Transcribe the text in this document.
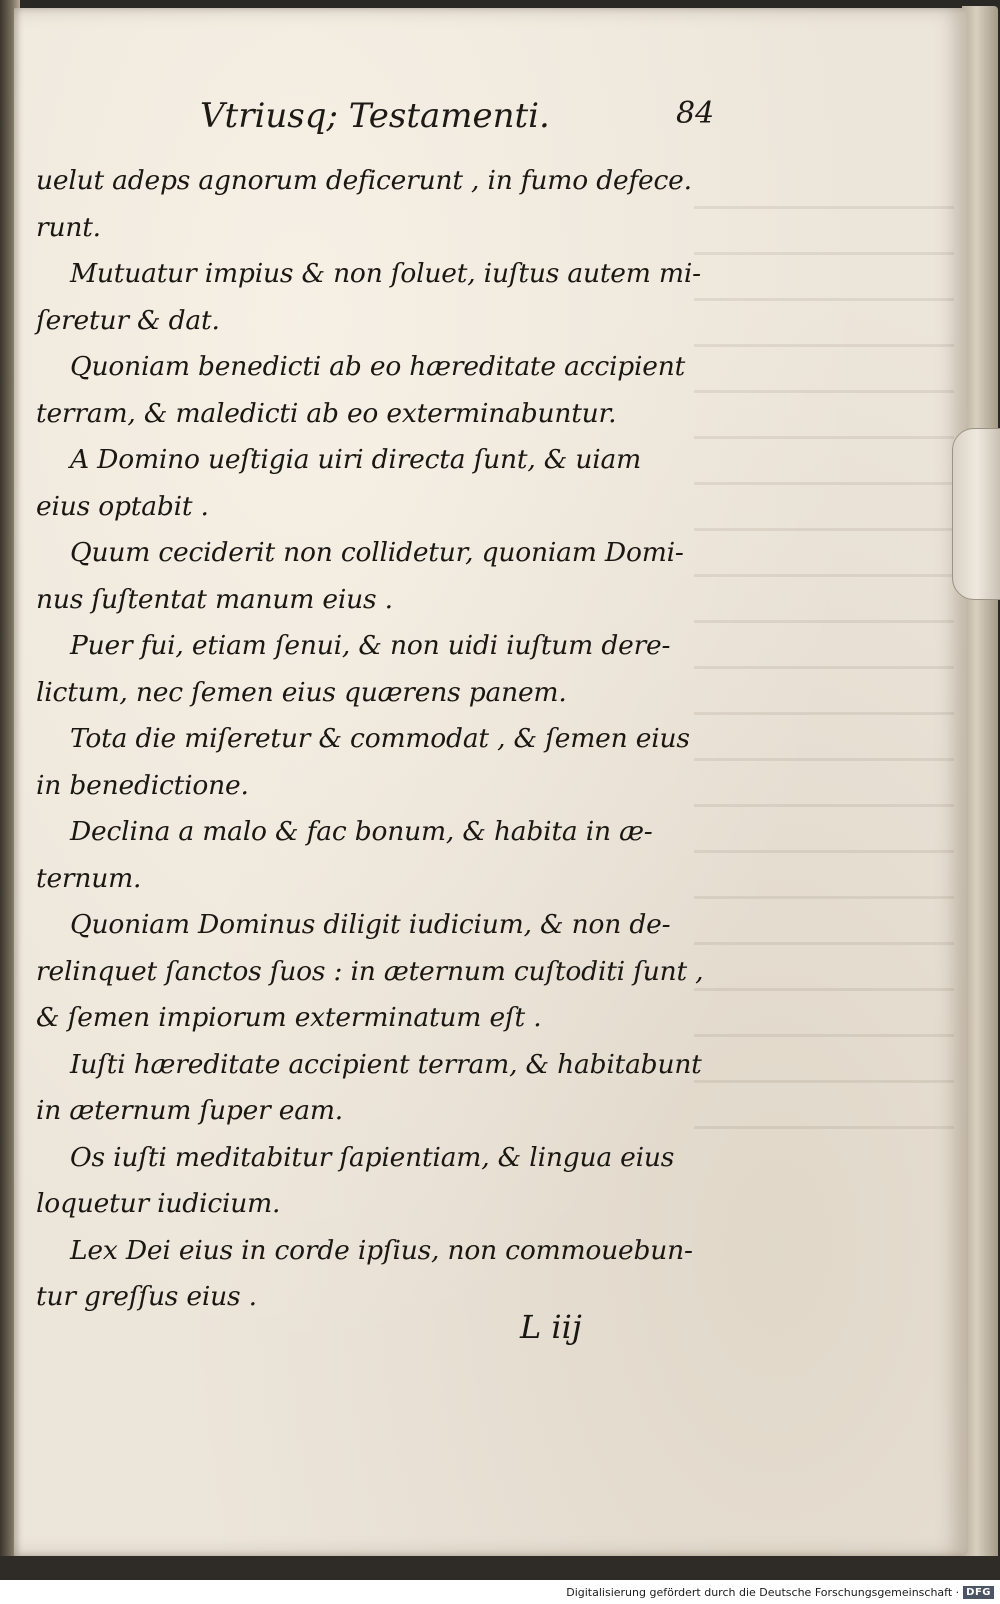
Vtriusq; Testamenti.	84
uelut adeps agnorum deficerunt , in fumo defece.
runt.
Mutuatur impius & non ſoluet, iuſtus autem mi-
ſeretur & dat.
Quoniam benedicti ab eo hæreditate accipient
terram, & maledicti ab eo exterminabuntur.
A Domino ueſtigia uiri directa ſunt, & uiam
eius optabit .
Quum ceciderit non collidetur, quoniam Domi-
nus ſuſtentat manum eius .
Puer fui, etiam ſenui, & non uidi iuſtum dere-
lictum, nec ſemen eius quærens panem.
Tota die miſeretur & commodat , & ſemen eius
in benedictione.
Declina a malo & fac bonum, & habita in æ-
ternum.
Quoniam Dominus diligit iudicium, & non de-
relinquet ſanctos ſuos : in æternum cuſtoditi ſunt ,
& ſemen impiorum exterminatum eſt .
Iuſti hæreditate accipient terram, & habitabunt
in æternum ſuper eam.
Os iuſti meditabitur ſapientiam, & lingua eius
loquetur iudicium.
Lex Dei eius in corde ipſius, non commouebun-
tur greſſus eius .
L iij
Digitalisierung gefördert durch die Deutsche Forschungsgemeinschaft · DFG
